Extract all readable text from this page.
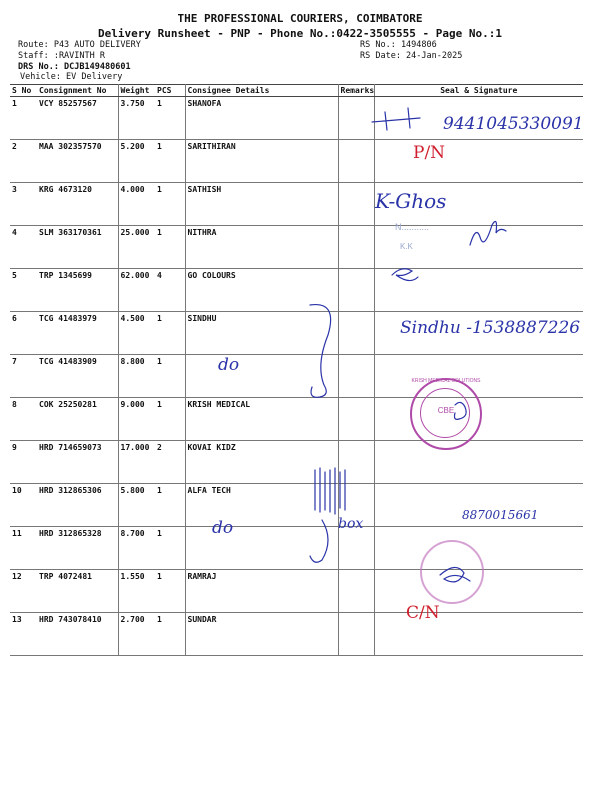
THE PROFESSIONAL COURIERS, COIMBATORE
Delivery Runsheet - PNP - Phone No.:0422-3505555 - Page No.:1
Route: P43 AUTO DELIVERY
Staff: :RAVINTH R
DRS No.: DCJB149480601
Vehicle: EV Delivery
RS No.: 1494806
RS Date: 24-Jan-2025
S No	Consignment No	Weight	PCS	Consignee Details	Remarks	Seal & Signature
1	VCY 85257567	3.750	1	SHANOFA		
2	MAA 302357570	5.200	1	SARITHIRAN		
3	KRG 4673120	4.000	1	SATHISH		
4	SLM 363170361	25.000	1	NITHRA		
5	TRP 1345699	62.000	4	GO COLOURS		
6	TCG 41483979	4.500	1	SINDHU		
7	TCG 41483909	8.800	1			
8	COK 25250281	9.000	1	KRISH MEDICAL		
9	HRD 714659073	17.000	2	KOVAI KIDZ		
10	HRD 312865306	5.800	1	ALFA TECH		
11	HRD 312865328	8.700	1			
12	TRP 4072481	1.550	1	RAMRAJ		
13	HRD 743078410	2.700	1	SUNDAR		
CBE
KRISH MEDICAL SOLUTIONS
N...........
K.K
9441045330091
P/N
K-Ghos
do
Sindhu -1538887226
do	box
8870015661
C/N
